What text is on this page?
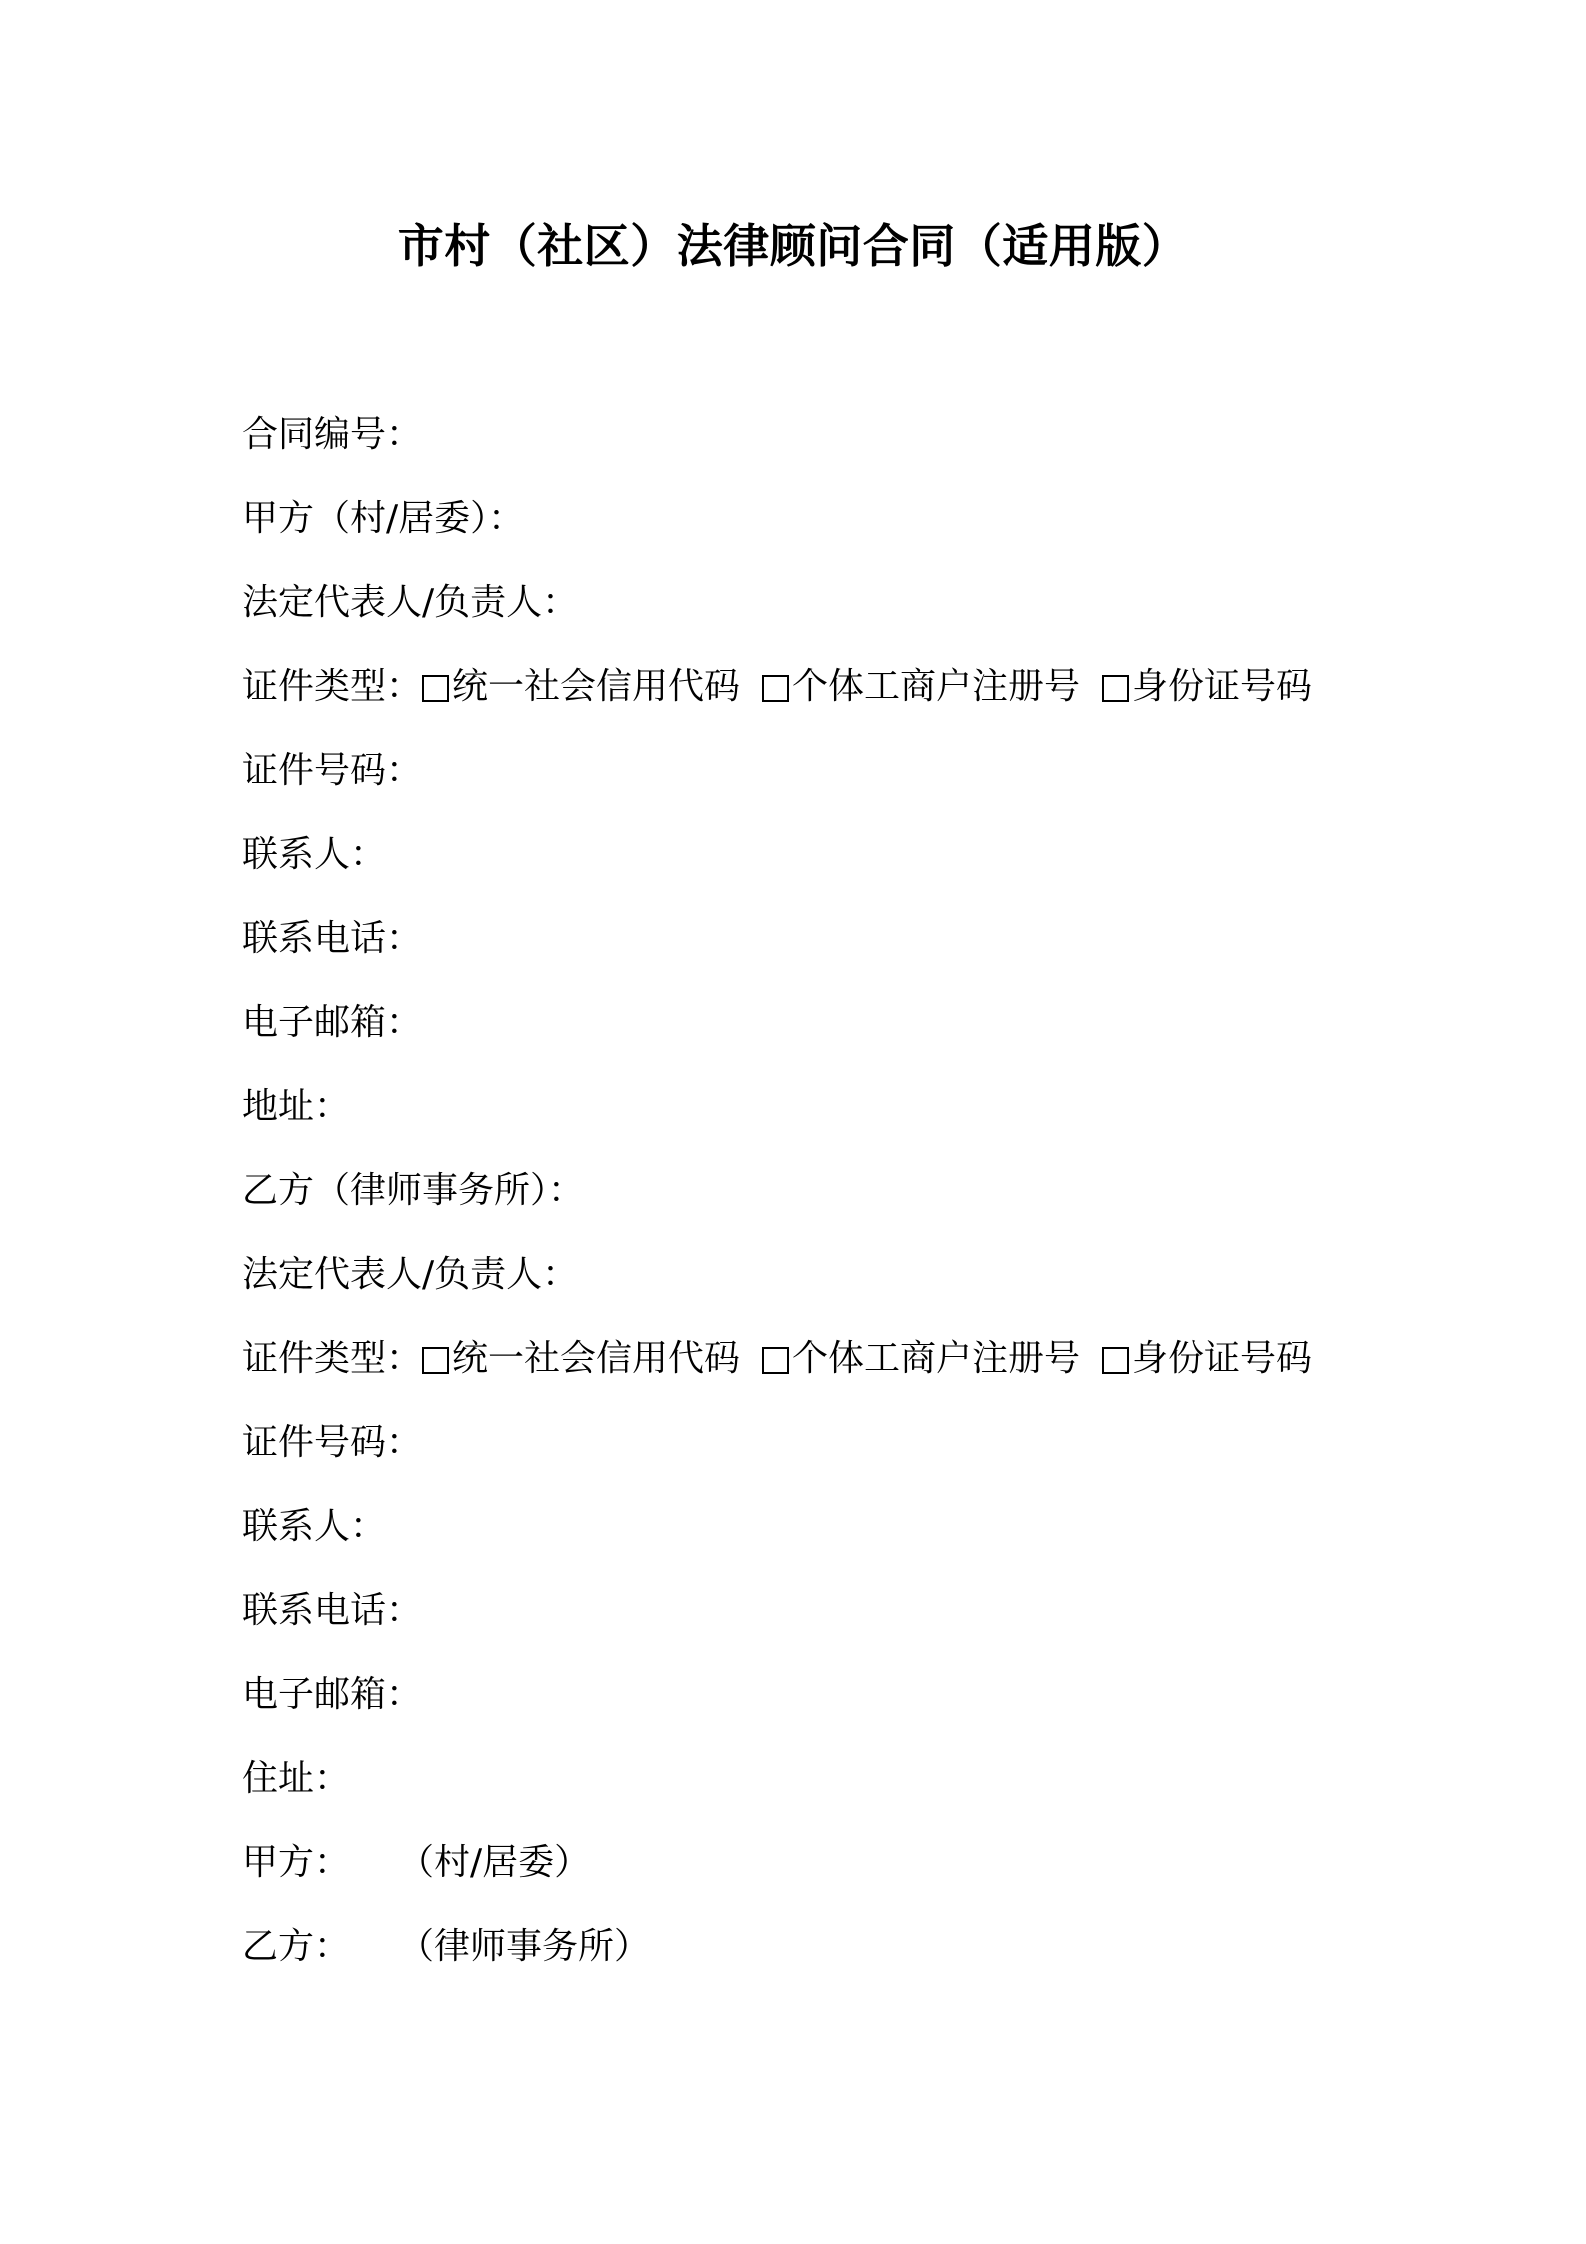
市村（社区）法律顾问合同（适用版）
合同编号：
甲方（村/居委）：
法定代表人/负责人：
证件类型： 统一社会信用代码 个体工商户注册号 身份证号码
证件号码：
联系人：
联系电话：
电子邮箱：
地址：
乙方（律师事务所）：
法定代表人/负责人：
证件类型： 统一社会信用代码 个体工商户注册号 身份证号码
证件号码：
联系人：
联系电话：
电子邮箱：
住址：
甲方： （村/居委）
乙方： （律师事务所）
